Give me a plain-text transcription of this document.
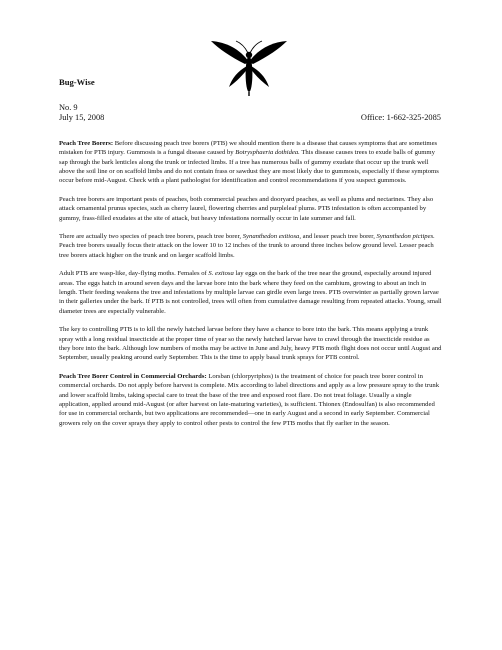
Bug-Wise
No. 9
July 15, 2008	Office: 1-662-325-2085

Peach Tree Borers: Before discussing peach tree borers (PTB) we should mention there is a disease that causes symptoms that are sometimes mistaken for PTB injury. Gummosis is a fungal disease caused by Botrysphaeria dothidea. This disease causes trees to exude balls of gummy sap through the bark lenticles along the trunk or infected limbs. If a tree has numerous balls of gummy exudate that occur up the trunk well above the soil line or on scaffold limbs and do not contain frass or sawdust they are most likely due to gummosis, especially if these symptoms occur before mid-August. Check with a plant pathologist for identification and control recommendations if you suspect gummosis.

Peach tree borers are important pests of peaches, both commercial peaches and dooryard peaches, as well as plums and nectarines. They also attack ornamental prunus species, such as cherry laurel, flowering cherries and purpleleaf plums. PTB infestation is often accompanied by gummy, frass-filled exudates at the site of attack, but heavy infestations normally occur in late summer and fall.

There are actually two species of peach tree borers, peach tree borer, Synanthedon exitiosa, and lesser peach tree borer, Synanthedon pictipes. Peach tree borers usually focus their attack on the lower 10 to 12 inches of the trunk to around three inches below ground level. Lesser peach tree borers attack higher on the trunk and on larger scaffold limbs.

Adult PTB are wasp-like, day-flying moths. Females of S. exitosa lay eggs on the bark of the tree near the ground, especially around injured areas. The eggs hatch in around seven days and the larvae bore into the bark where they feed on the cambium, growing to about an inch in length. Their feeding weakens the tree and infestations by multiple larvae can girdle even large trees. PTB overwinter as partially grown larvae in their galleries under the bark. If PTB is not controlled, trees will often from cumulative damage resulting from repeated attacks. Young, small diameter trees are especially vulnerable.

The key to controlling PTB is to kill the newly hatched larvae before they have a chance to bore into the bark. This means applying a trunk spray with a long residual insecticide at the proper time of year so the newly hatched larvae have to crawl through the insecticide residue as they bore into the bark. Although low numbers of moths may be active in June and July, heavy PTB moth flight does not occur until August and September, usually peaking around early September. This is the time to apply basal trunk sprays for PTB control.

Peach Tree Borer Control in Commercial Orchards: Lorsban (chlorpyriphos) is the treatment of choice for peach tree borer control in commercial orchards. Do not apply before harvest is complete. Mix according to label directions and apply as a low pressure spray to the trunk and lower scaffold limbs, taking special care to treat the base of the tree and exposed root flare. Do not treat foliage. Usually a single application, applied around mid-August (or after harvest on late-maturing varieties), is sufficient. Thionex (Endosulfan) is also recommended for use in commercial orchards, but two applications are recommended—one in early August and a second in early September. Commercial growers rely on the cover sprays they apply to control other pests to control the few PTB moths that fly earlier in the season.
